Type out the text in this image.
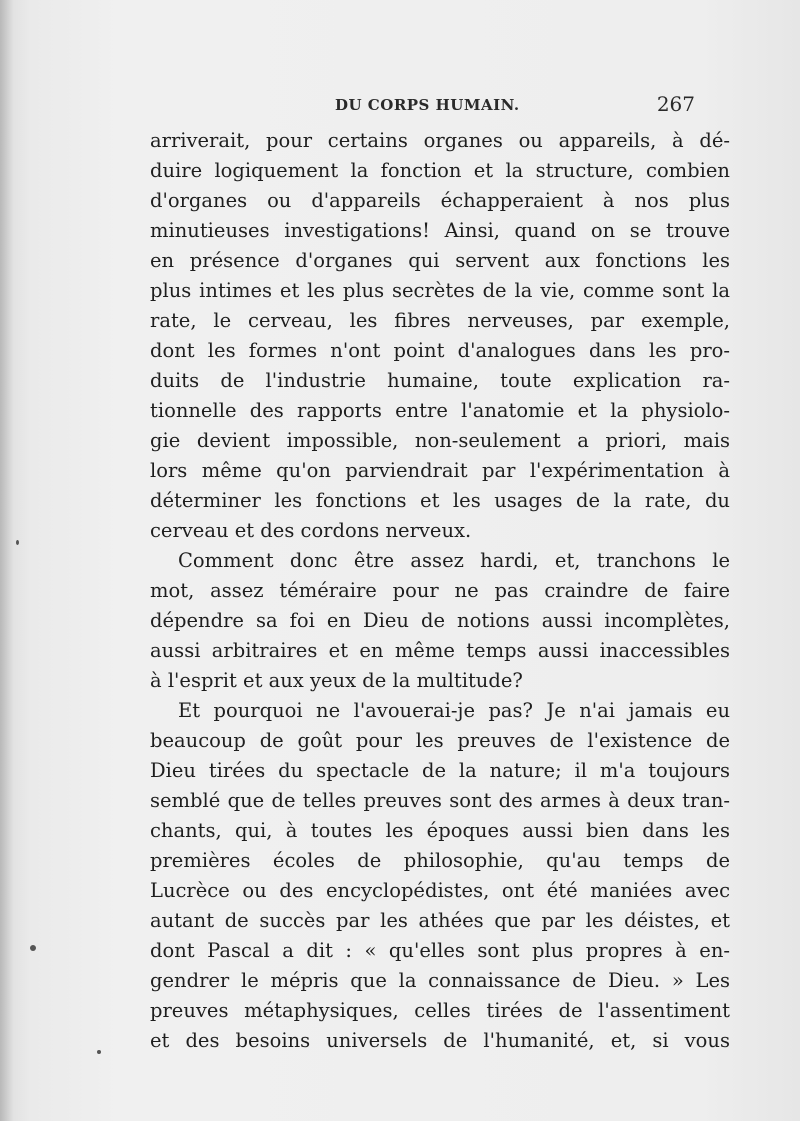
DU CORPS HUMAIN.	267
arriverait, pour certains organes ou appareils, à dé-
duire logiquement la fonction et la structure, combien
d'organes ou d'appareils échapperaient à nos plus
minutieuses investigations! Ainsi, quand on se trouve
en présence d'organes qui servent aux fonctions les
plus intimes et les plus secrètes de la vie, comme sont la
rate, le cerveau, les fibres nerveuses, par exemple,
dont les formes n'ont point d'analogues dans les pro-
duits de l'industrie humaine, toute explication ra-
tionnelle des rapports entre l'anatomie et la physiolo-
gie devient impossible, non-seulement a priori, mais
lors même qu'on parviendrait par l'expérimentation à
déterminer les fonctions et les usages de la rate, du
cerveau et des cordons nerveux.
Comment donc être assez hardi, et, tranchons le
mot, assez téméraire pour ne pas craindre de faire
dépendre sa foi en Dieu de notions aussi incomplètes,
aussi arbitraires et en même temps aussi inaccessibles
à l'esprit et aux yeux de la multitude?
Et pourquoi ne l'avouerai-je pas? Je n'ai jamais eu
beaucoup de goût pour les preuves de l'existence de
Dieu tirées du spectacle de la nature; il m'a toujours
semblé que de telles preuves sont des armes à deux tran-
chants, qui, à toutes les époques aussi bien dans les
premières écoles de philosophie, qu'au temps de
Lucrèce ou des encyclopédistes, ont été maniées avec
autant de succès par les athées que par les déistes, et
dont Pascal a dit : « qu'elles sont plus propres à en-
gendrer le mépris que la connaissance de Dieu. » Les
preuves métaphysiques, celles tirées de l'assentiment
et des besoins universels de l'humanité, et, si vous
